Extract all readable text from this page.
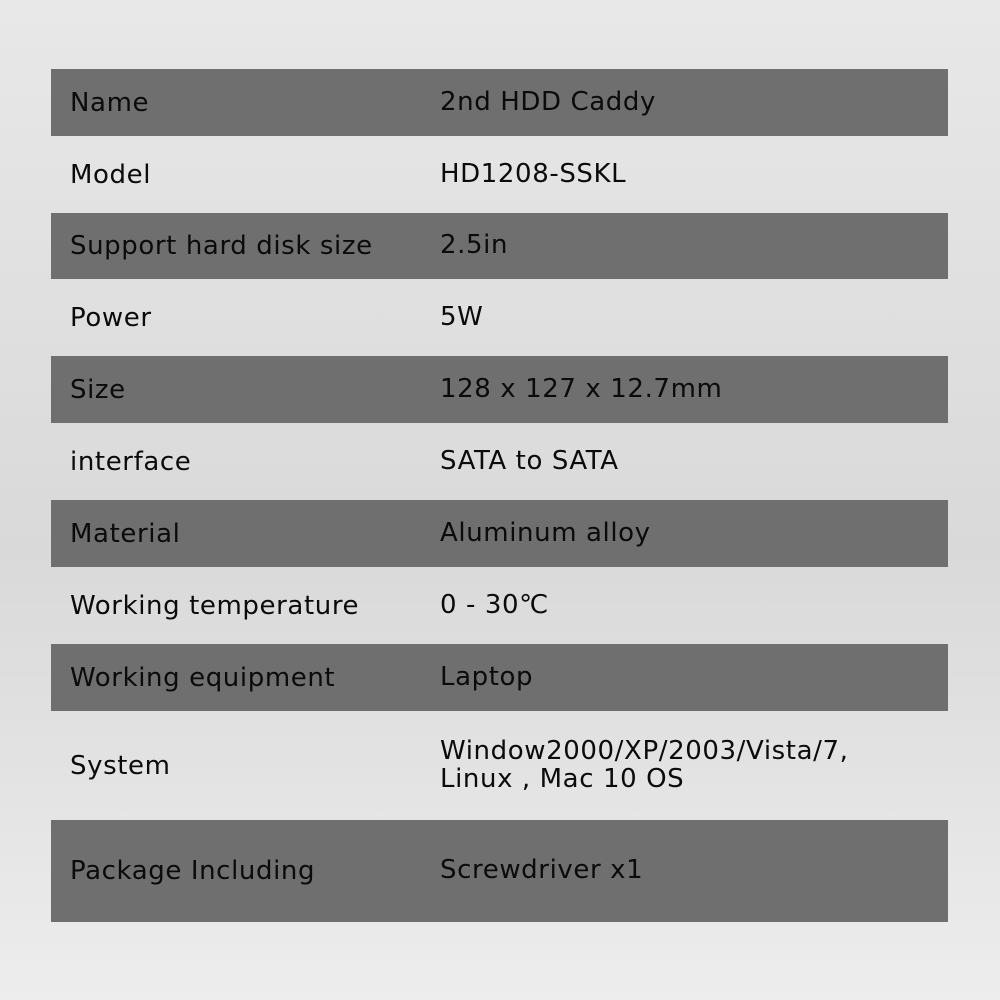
Name	2nd HDD Caddy
Model	HD1208-SSKL
Support hard disk size	2.5in
Power	5W
Size	128 x 127 x 12.7mm
interface	SATA to SATA
Material	Aluminum alloy
Working temperature	0 - 30℃
Working equipment	Laptop
System	Window2000/XP/2003/Vista/7,
Linux , Mac 10 OS
Package Including	Screwdriver x1
